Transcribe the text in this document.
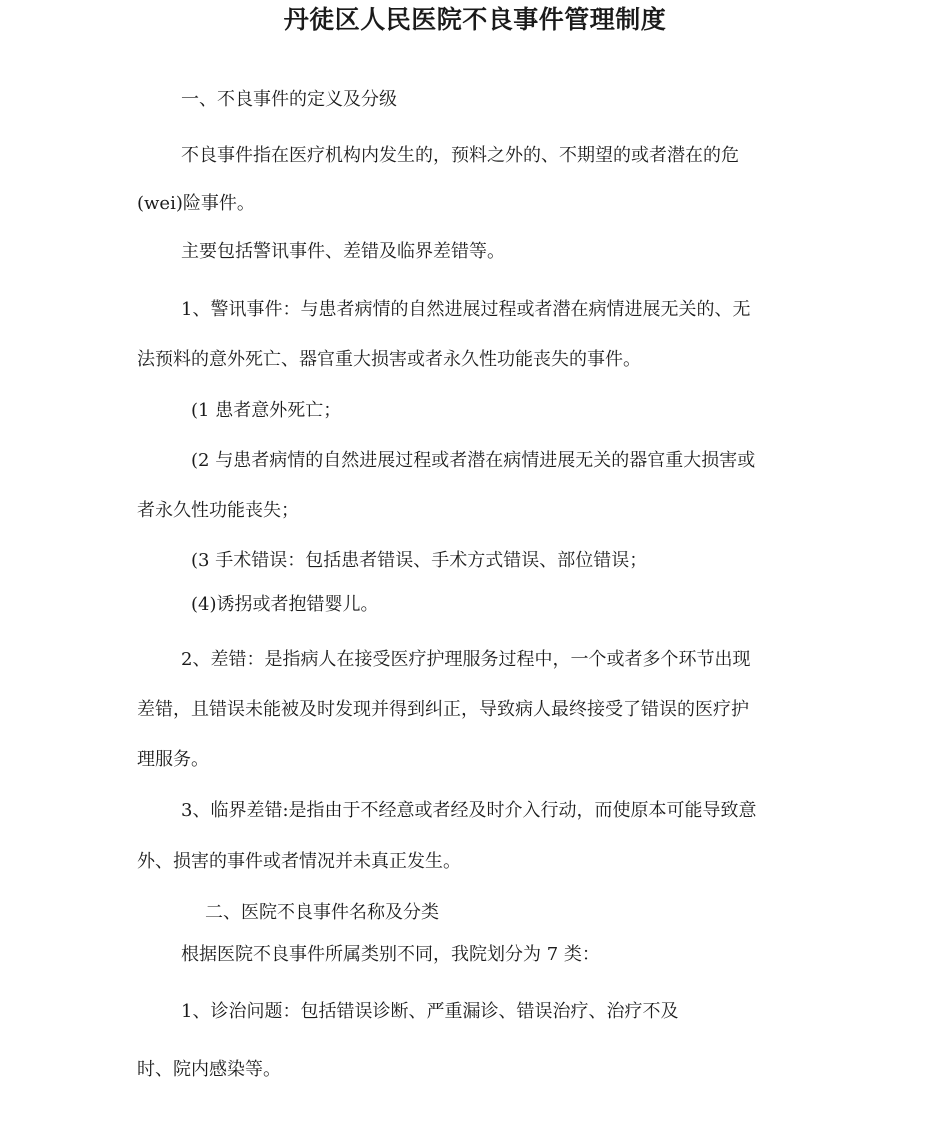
丹徒区人民医院不良事件管理制度

一、不良事件的定义及分级

不良事件指在医疗机构内发生的，预料之外的、不期望的或者潜在的危

(wei)险事件。

主要包括警讯事件、差错及临界差错等。

1、警讯事件：与患者病情的自然进展过程或者潜在病情进展无关的、无

法预料的意外死亡、器官重大损害或者永久性功能丧失的事件。

(1 患者意外死亡；

(2 与患者病情的自然进展过程或者潜在病情进展无关的器官重大损害或

者永久性功能丧失；

(3 手术错误：包括患者错误、手术方式错误、部位错误；

(4)诱拐或者抱错婴儿。

2、差错：是指病人在接受医疗护理服务过程中，一个或者多个环节出现

差错，且错误未能被及时发现并得到纠正，导致病人最终接受了错误的医疗护

理服务。

3、临界差错:是指由于不经意或者经及时介入行动，而使原本可能导致意

外、损害的事件或者情况并未真正发生。

二、医院不良事件名称及分类

根据医院不良事件所属类别不同，我院划分为 7 类：

1、诊治问题：包括错误诊断、严重漏诊、错误治疗、治疗不及

时、院内感染等。
